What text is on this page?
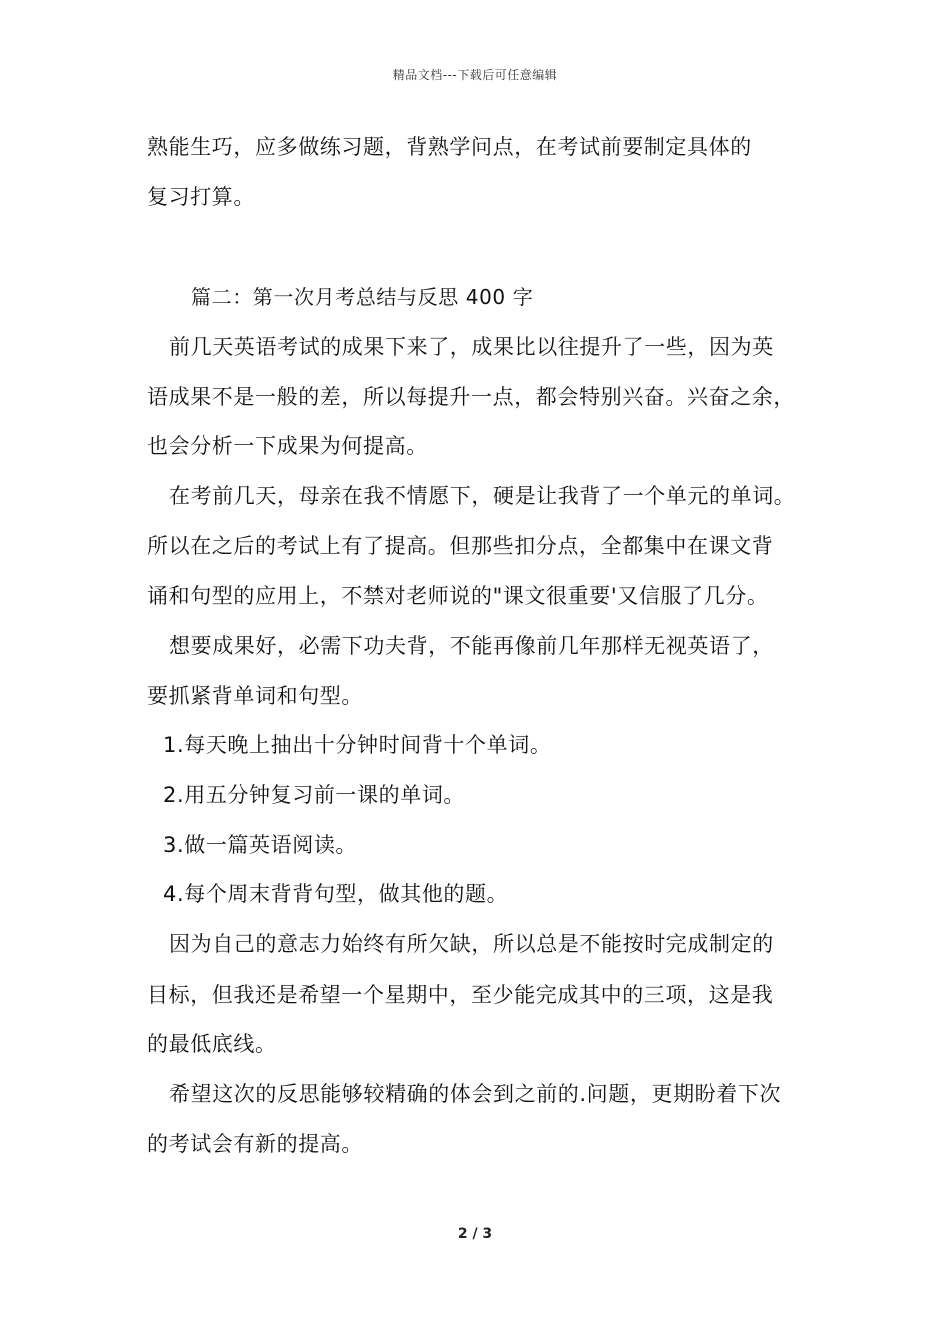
精品文档---下载后可任意编辑
熟能生巧，应多做练习题，背熟学问点，在考试前要制定具体的
复习打算。
篇二：第一次月考总结与反思 400 字
前几天英语考试的成果下来了，成果比以往提升了一些，因为英
语成果不是一般的差，所以每提升一点，都会特别兴奋。兴奋之余，
也会分析一下成果为何提高。
在考前几天，母亲在我不情愿下，硬是让我背了一个单元的单词。
所以在之后的考试上有了提高。但那些扣分点，全都集中在课文背
诵和句型的应用上，不禁对老师说的"课文很重要'又信服了几分。
想要成果好，必需下功夫背，不能再像前几年那样无视英语了，
要抓紧背单词和句型。
1.每天晚上抽出十分钟时间背十个单词。
2.用五分钟复习前一课的单词。
3.做一篇英语阅读。
4.每个周末背背句型，做其他的题。
因为自己的意志力始终有所欠缺，所以总是不能按时完成制定的
目标，但我还是希望一个星期中，至少能完成其中的三项，这是我
的最低底线。
希望这次的反思能够较精确的体会到之前的.问题，更期盼着下次
的考试会有新的提高。
2 / 3
